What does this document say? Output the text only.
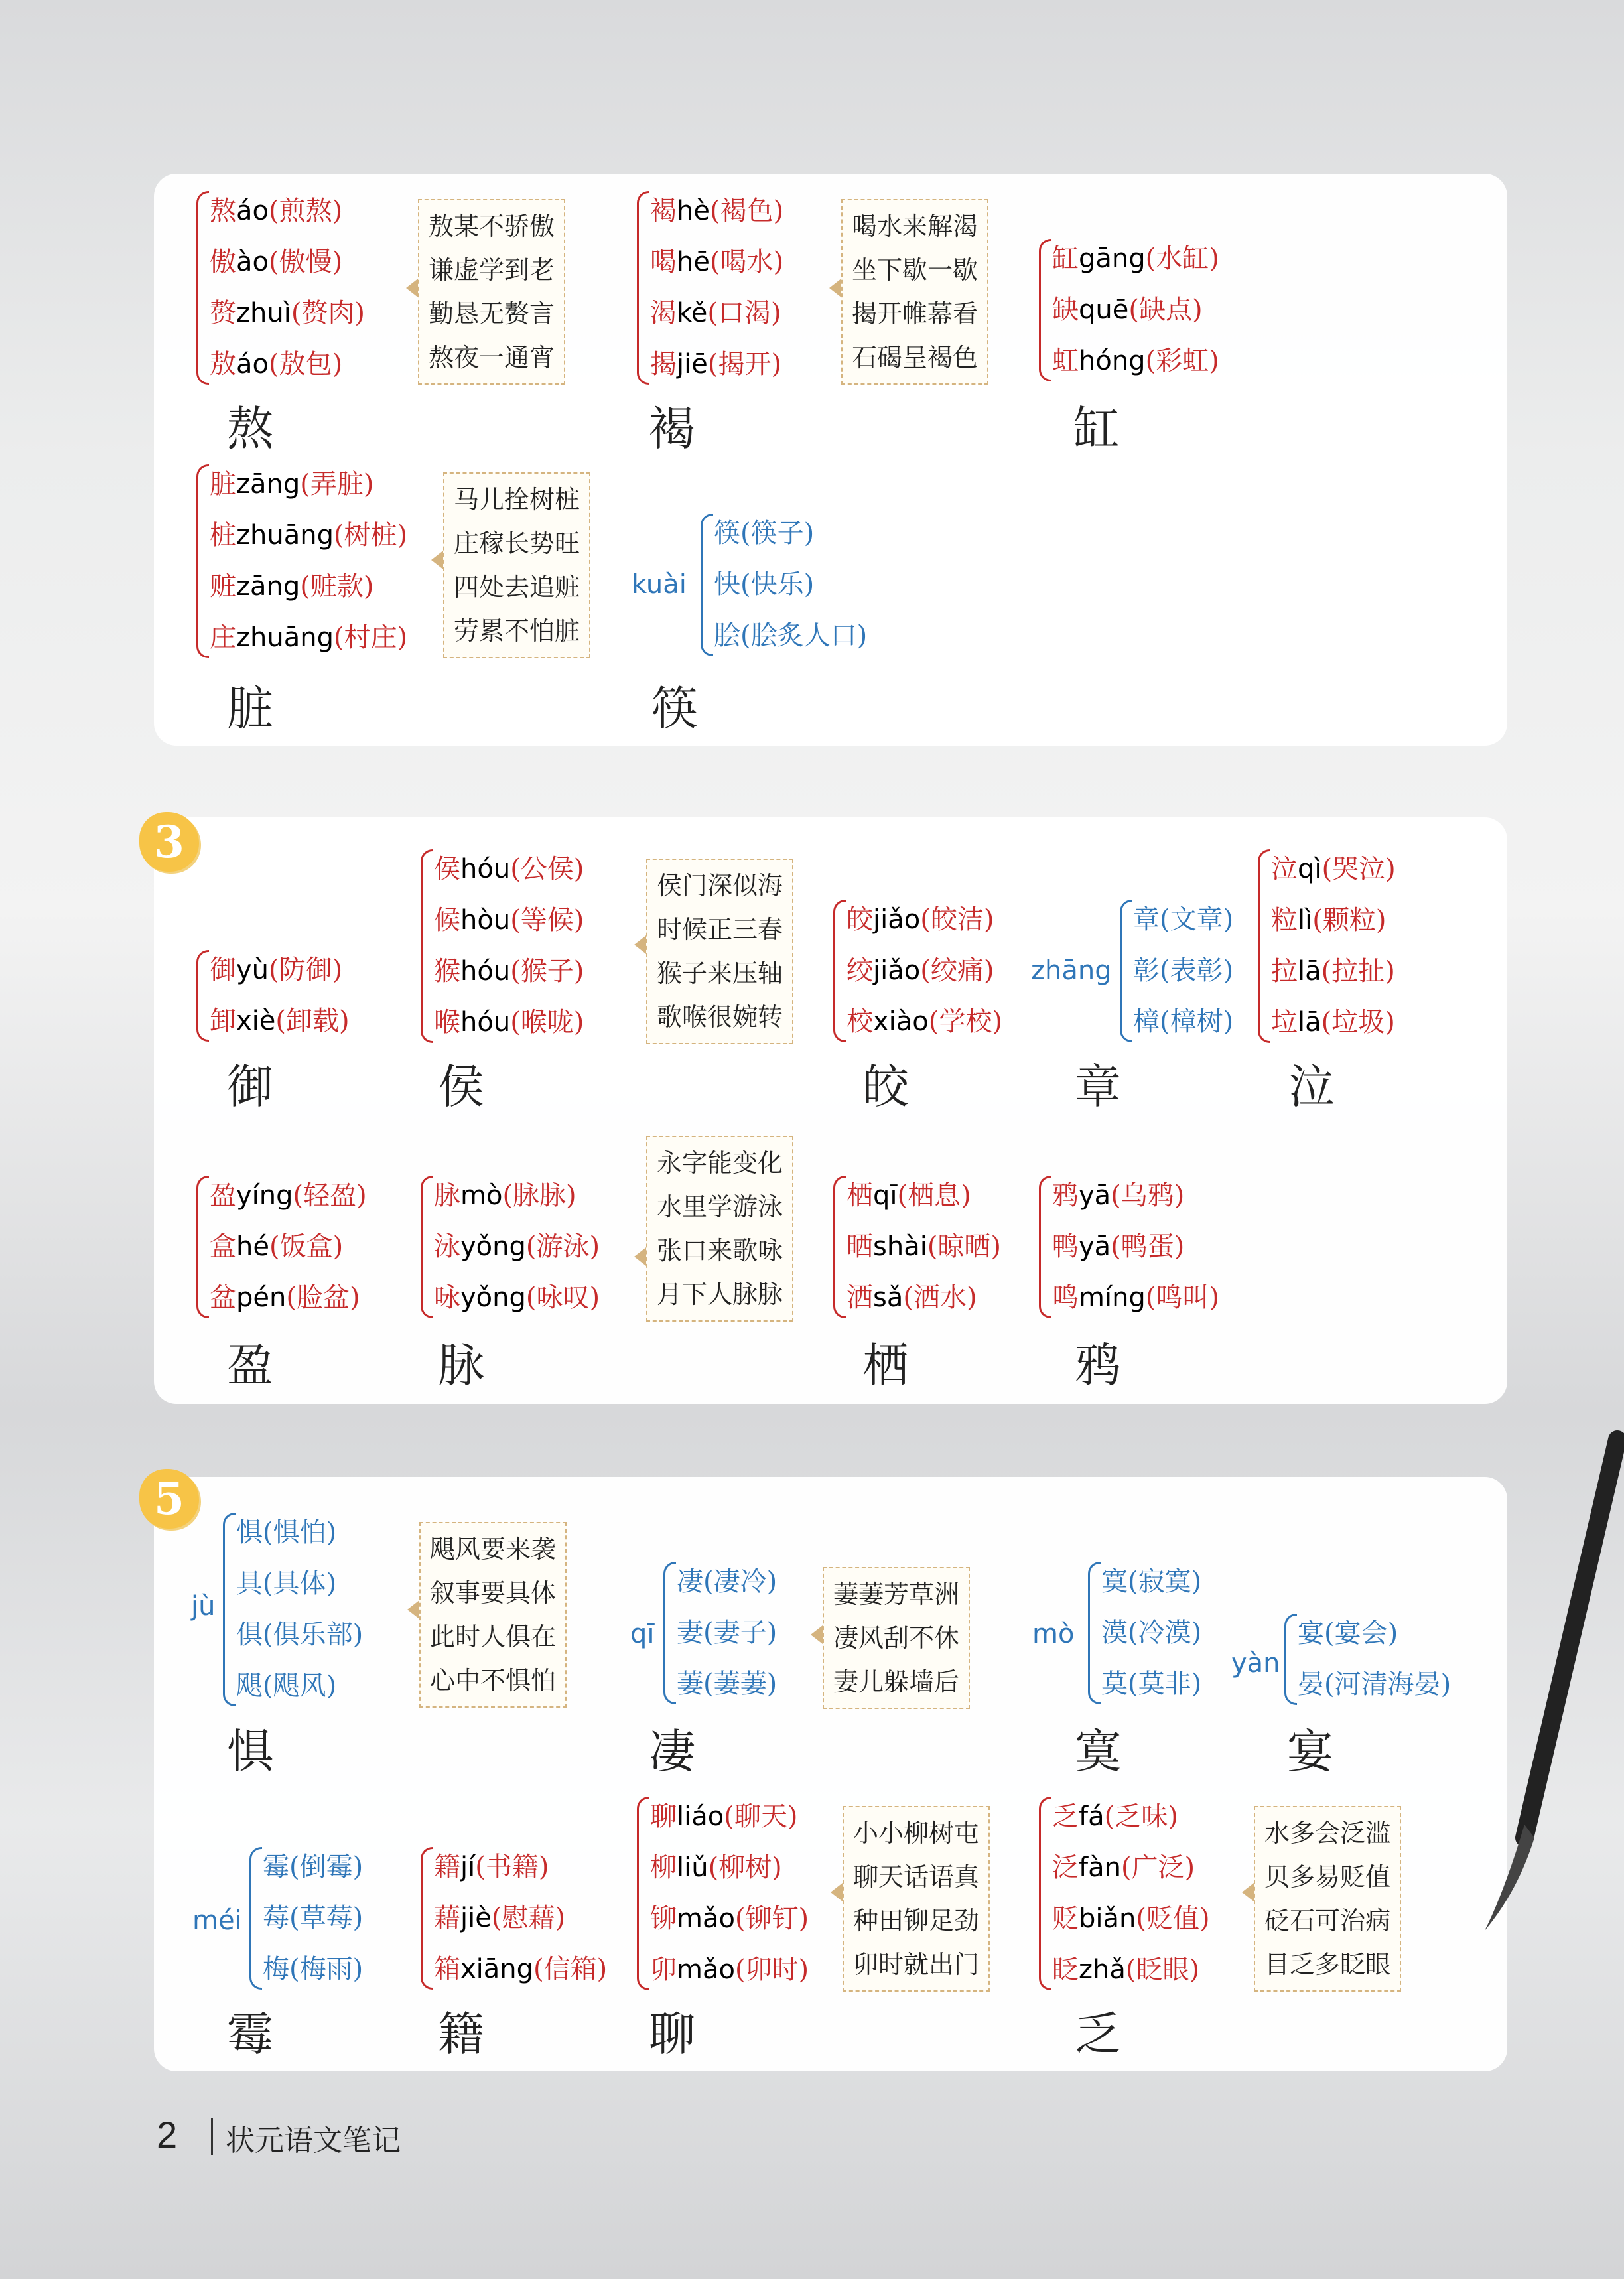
熬áo(煎熬)
傲ào(傲慢)
赘zhuì(赘肉)
敖áo(敖包)
敖某不骄傲
谦虚学到老
勤恳无赘言
熬夜一通宵
熬
褐hè(褐色)
喝hē(喝水)
渴kě(口渴)
揭jiē(揭开)
喝水来解渴
坐下歇一歇
揭开帷幕看
石碣呈褐色
褐
缸gāng(水缸)
缺quē(缺点)
虹hóng(彩虹)
缸
脏zāng(弄脏)
桩zhuāng(树桩)
赃zāng(赃款)
庄zhuāng(村庄)
马儿拴树桩
庄稼长势旺
四处去追赃
劳累不怕脏
脏
kuài
筷(筷子)
快(快乐)
脍(脍炙人口)
筷
3
御yù(防御)
卸xiè(卸载)
御
侯hóu(公侯)
候hòu(等候)
猴hóu(猴子)
喉hóu(喉咙)
侯门深似海
时候正三春
猴子来压轴
歌喉很婉转
侯
皎jiǎo(皎洁)
绞jiǎo(绞痛)
校xiào(学校)
皎
zhāng
章(文章)
彰(表彰)
樟(樟树)
章
泣qì(哭泣)
粒lì(颗粒)
拉lā(拉扯)
垃lā(垃圾)
泣
盈yíng(轻盈)
盒hé(饭盒)
盆pén(脸盆)
盈
脉mò(脉脉)
泳yǒng(游泳)
咏yǒng(咏叹)
永字能变化
水里学游泳
张口来歌咏
月下人脉脉
脉
栖qī(栖息)
晒shài(晾晒)
洒sǎ(洒水)
栖
鸦yā(乌鸦)
鸭yā(鸭蛋)
鸣míng(鸣叫)
鸦
5
jù
惧(惧怕)
具(具体)
俱(俱乐部)
飓(飓风)
飓风要来袭
叙事要具体
此时人俱在
心中不惧怕
惧
qī
凄(凄冷)
妻(妻子)
萋(萋萋)
萋萋芳草洲
凄风刮不休
妻儿躲墙后
凄
mò
寞(寂寞)
漠(冷漠)
莫(莫非)
寞
yàn
宴(宴会)
晏(河清海晏)
宴
méi
霉(倒霉)
莓(草莓)
梅(梅雨)
霉
籍jí(书籍)
藉jiè(慰藉)
箱xiāng(信箱)
籍
聊liáo(聊天)
柳liǔ(柳树)
铆mǎo(铆钉)
卯mǎo(卯时)
小小柳树屯
聊天话语真
种田铆足劲
卯时就出门
聊
乏fá(乏味)
泛fàn(广泛)
贬biǎn(贬值)
眨zhǎ(眨眼)
水多会泛滥
贝多易贬值
砭石可治病
目乏多眨眼
乏
2 状元语文笔记
